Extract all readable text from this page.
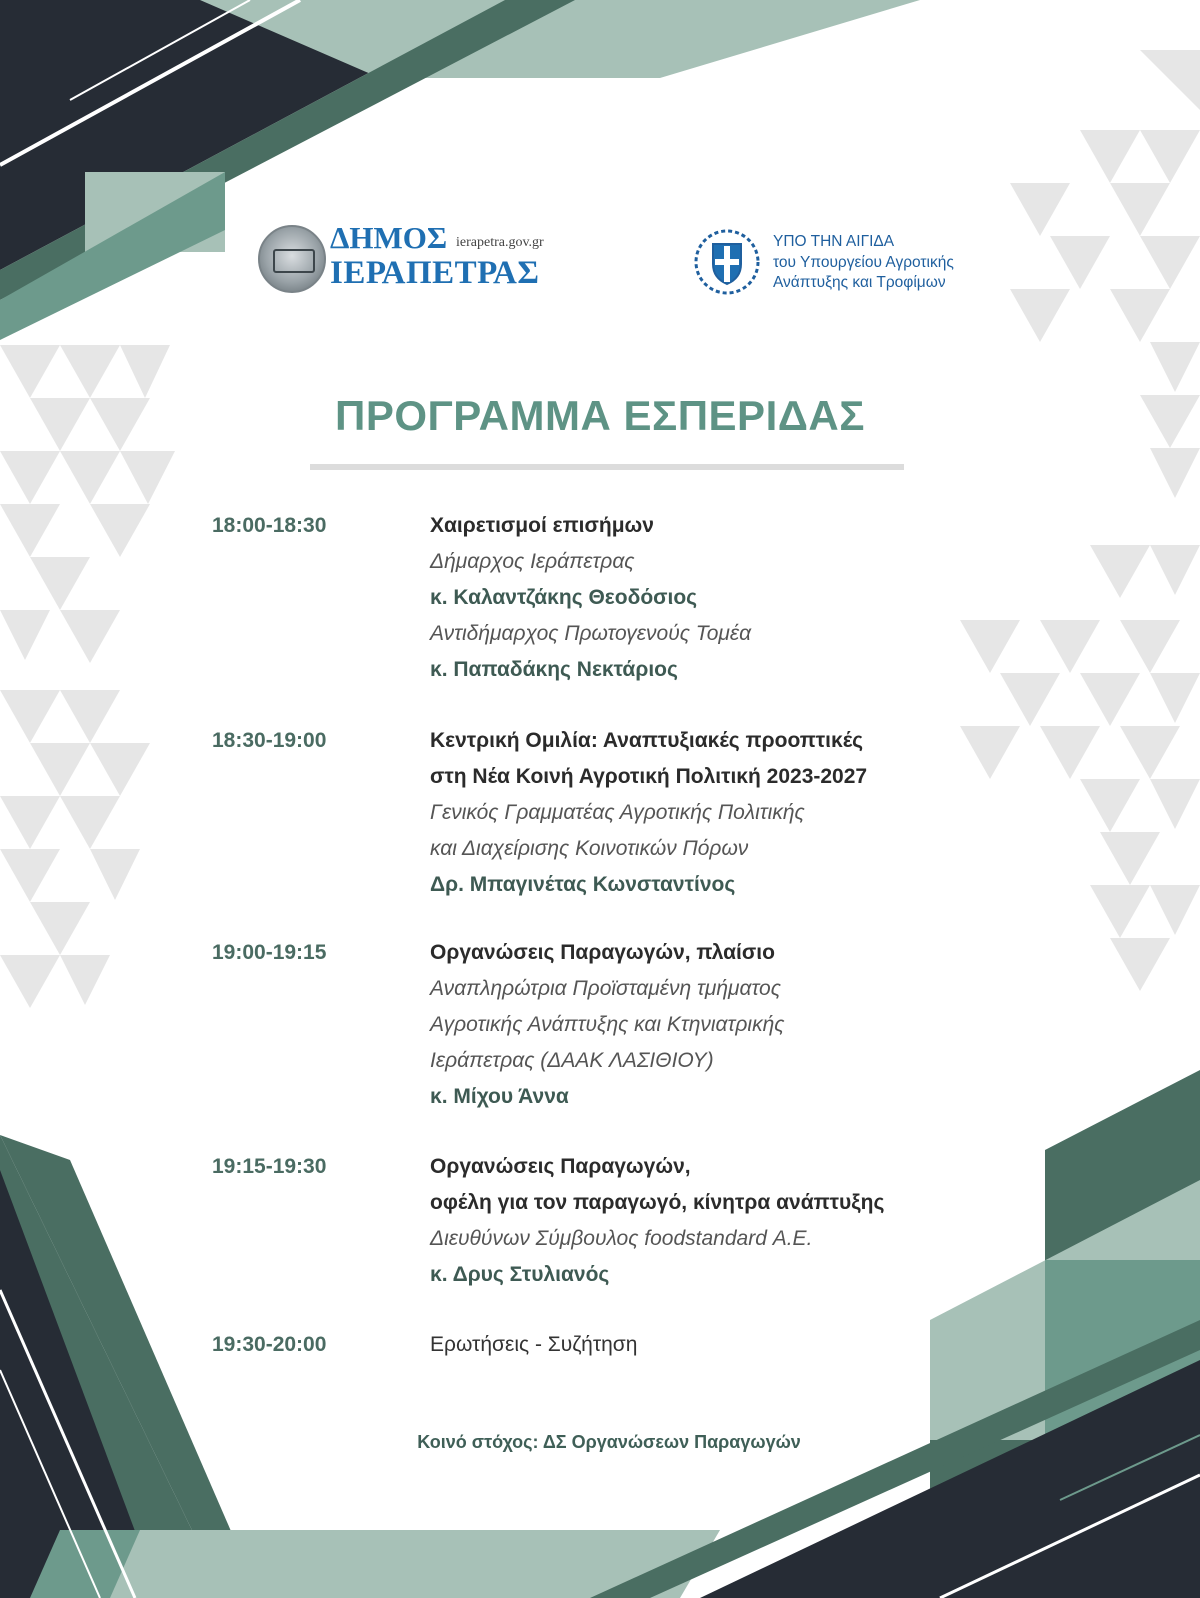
ΔΗΜΟΣ ierapetra.gov.gr
ΙΕΡΑΠΕΤΡΑΣ
ΥΠΟ ΤΗΝ ΑΙΓΙΔΑ
του Υπουργείου Αγροτικής
Ανάπτυξης και Τροφίμων
ΠΡΟΓΡΑΜΜΑ ΕΣΠΕΡΙΔΑΣ
18:00-18:30	Χαιρετισμοί επισήμων
Δήμαρχος Ιεράπετρας
κ. Καλαντζάκης Θεοδόσιος
Αντιδήμαρχος Πρωτογενούς Τομέα
κ. Παπαδάκης Νεκτάριος
18:30-19:00	Κεντρική Ομιλία: Αναπτυξιακές προοπτικές
στη Νέα Κοινή Αγροτική Πολιτική 2023-2027
Γενικός Γραμματέας Αγροτικής Πολιτικής
και Διαχείρισης Κοινοτικών Πόρων
Δρ. Μπαγινέτας Κωνσταντίνος
19:00-19:15	Οργανώσεις Παραγωγών, πλαίσιο
Αναπληρώτρια Προϊσταμένη τμήματος
Αγροτικής Ανάπτυξης και Κτηνιατρικής
Ιεράπετρας (ΔΑΑΚ ΛΑΣΙΘΙΟΥ)
κ. Μίχου Άννα
19:15-19:30	Οργανώσεις Παραγωγών,
οφέλη για τον παραγωγό, κίνητρα ανάπτυξης
Διευθύνων Σύμβουλος foodstandard Α.Ε.
κ. Δρυς Στυλιανός
19:30-20:00	Ερωτήσεις - Συζήτηση
Κοινό στόχος: ΔΣ Οργανώσεων Παραγωγών
